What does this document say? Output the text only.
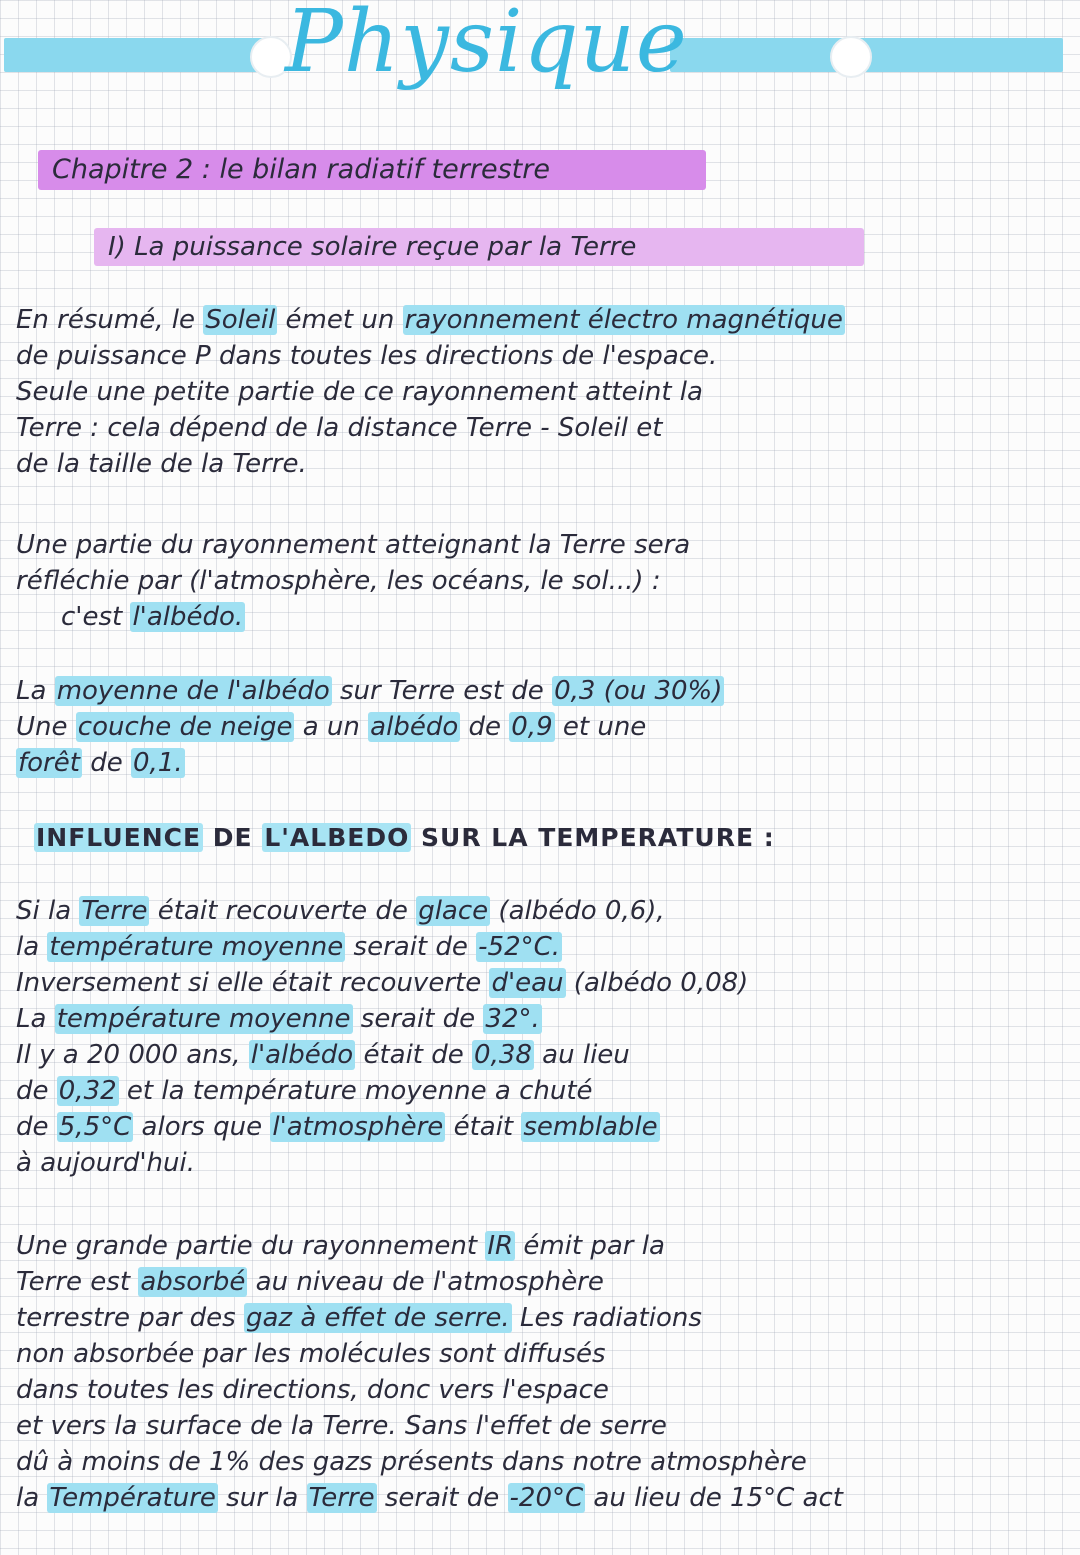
Physique
Chapitre 2 : le bilan radiatif terrestre
I) La puissance solaire reçue par la Terre
En résumé, le Soleil émet un rayonnement électro magnétique
de puissance P dans toutes les directions de l'espace.
Seule une petite partie de ce rayonnement atteint la
Terre : cela dépend de la distance Terre - Soleil et
de la taille de la Terre.
Une partie du rayonnement atteignant la Terre sera
réfléchie par (l'atmosphère, les océans, le sol...) :
c'est l'albédo.
La moyenne de l'albédo sur Terre est de 0,3 (ou 30%)
Une couche de neige a un albédo de 0,9 et une
forêt de 0,1.
INFLUENCE DE L'ALBEDO SUR LA TEMPERATURE :
Si la Terre était recouverte de glace (albédo 0,6),
la température moyenne serait de -52°C.
Inversement si elle était recouverte d'eau (albédo 0,08)
La température moyenne serait de 32°.
Il y a 20 000 ans, l'albédo était de 0,38 au lieu
de 0,32 et la température moyenne a chuté
de 5,5°C alors que l'atmosphère était semblable
à aujourd'hui.
Une grande partie du rayonnement IR émit par la
Terre est absorbé au niveau de l'atmosphère
terrestre par des gaz à effet de serre. Les radiations
non absorbée par les molécules sont diffusés
dans toutes les directions, donc vers l'espace
et vers la surface de la Terre. Sans l'effet de serre
dû à moins de 1% des gazs présents dans notre atmosphère
la Température sur la Terre serait de -20°C au lieu de 15°C act
